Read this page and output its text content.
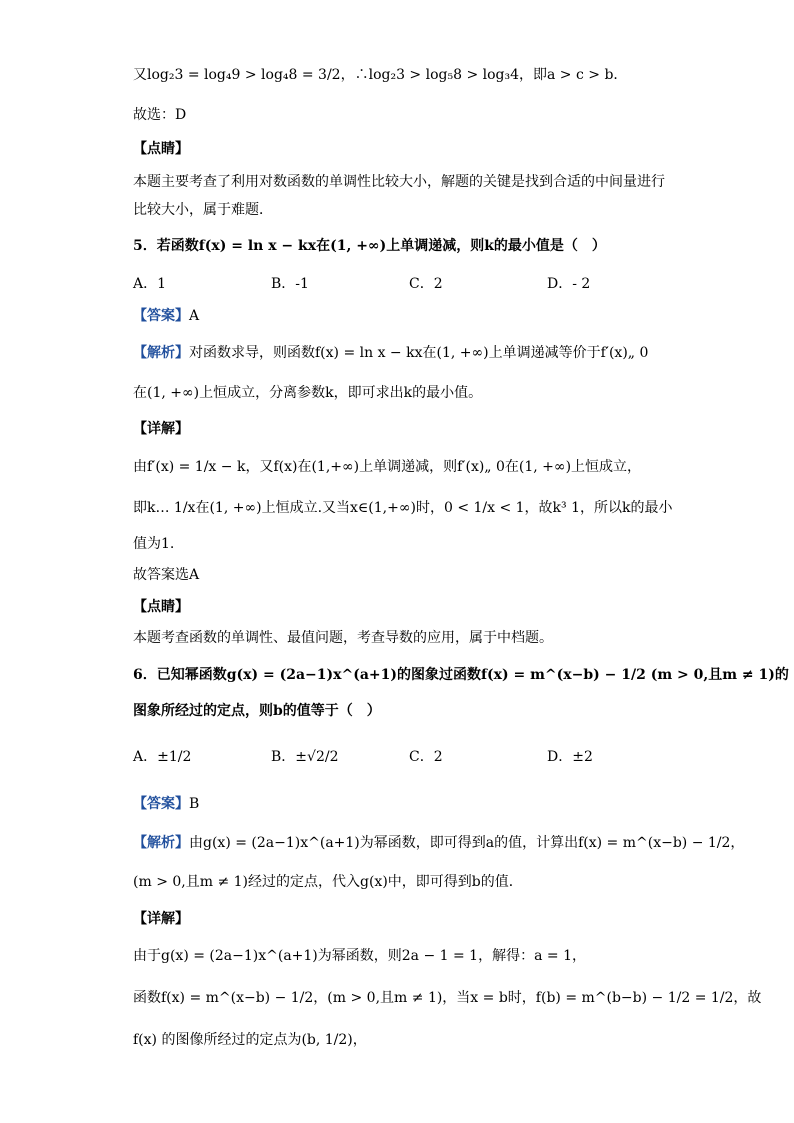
又log₂3 = log₄9 > log₄8 = 3/2，∴log₂3 > log₅8 > log₃4，即a > c > b．
故选：D
【点睛】
本题主要考查了利用对数函数的单调性比较大小，解题的关键是找到合适的中间量进行
比较大小，属于难题．
5．若函数f(x) = ln x − kx在(1, +∞)上单调递减，则k的最小值是（　）
A．1	B．-1	C．2	D．- 2
【答案】A
【解析】对函数求导，则函数f(x) = ln x − kx在(1, +∞)上单调递减等价于f′(x)„ 0
在(1, +∞)上恒成立，分离参数k，即可求出k的最小值。
【详解】
由f′(x) = 1/x − k，又f(x)在(1,+∞)上单调递减，则f′(x)„ 0在(1, +∞)上恒成立，
即k… 1/x在(1, +∞)上恒成立.又当x∈(1,+∞)时，0 < 1/x < 1，故k³ 1，所以k的最小
值为1.
故答案选A
【点睛】
本题考查函数的单调性、最值问题，考查导数的应用，属于中档题。
6．已知幂函数g(x) = (2a−1)x^(a+1)的图象过函数f(x) = m^(x−b) − 1/2 (m > 0,且m ≠ 1)的
图象所经过的定点，则b的值等于（　）
A．±1/2	B．±√2/2	C．2	D．±2
【答案】B
【解析】由g(x) = (2a−1)x^(a+1)为幂函数，即可得到a的值，计算出f(x) = m^(x−b) − 1/2，
(m > 0,且m ≠ 1)经过的定点，代入g(x)中，即可得到b的值．
【详解】
由于g(x) = (2a−1)x^(a+1)为幂函数，则2a − 1 = 1，解得：a = 1，
函数f(x) = m^(x−b) − 1/2，(m > 0,且m ≠ 1)，当x = b时，f(b) = m^(b−b) − 1/2 = 1/2，故
f(x) 的图像所经过的定点为(b, 1/2)，
